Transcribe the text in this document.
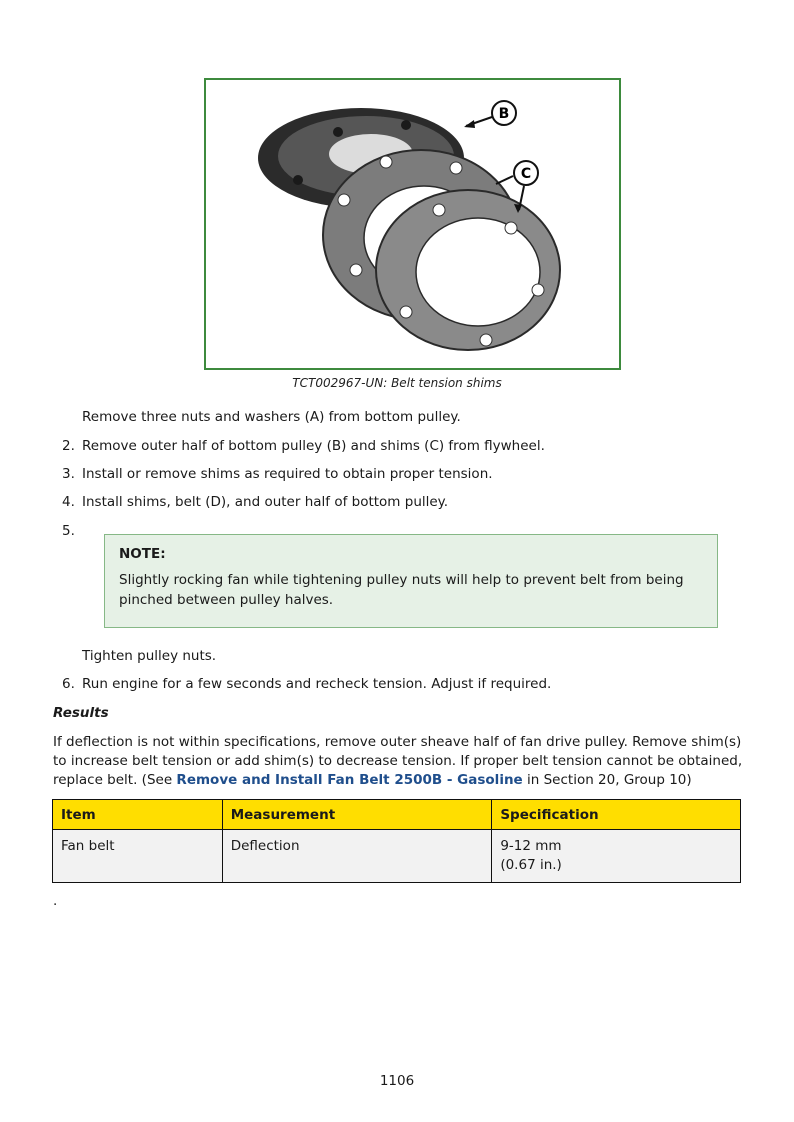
B
C
TCT002967-UN: Belt tension shims
Remove three nuts and washers (A) from bottom pulley.
2. Remove outer half of bottom pulley (B) and shims (C) from flywheel.
3. Install or remove shims as required to obtain proper tension.
4. Install shims, belt (D), and outer half of bottom pulley.
5.
NOTE:
Slightly rocking fan while tightening pulley nuts will help to prevent belt from being pinched between pulley halves.
Tighten pulley nuts.
6. Run engine for a few seconds and recheck tension. Adjust if required.
Results
If deflection is not within specifications, remove outer sheave half of fan drive pulley. Remove shim(s) to increase belt tension or add shim(s) to decrease tension. If proper belt tension cannot be obtained, replace belt. (See Remove and Install Fan Belt 2500B - Gasoline in Section 20, Group 10)
Item	Measurement	Specification
Fan belt	Deflection	9-12 mm
(0.67 in.)
.
1106
